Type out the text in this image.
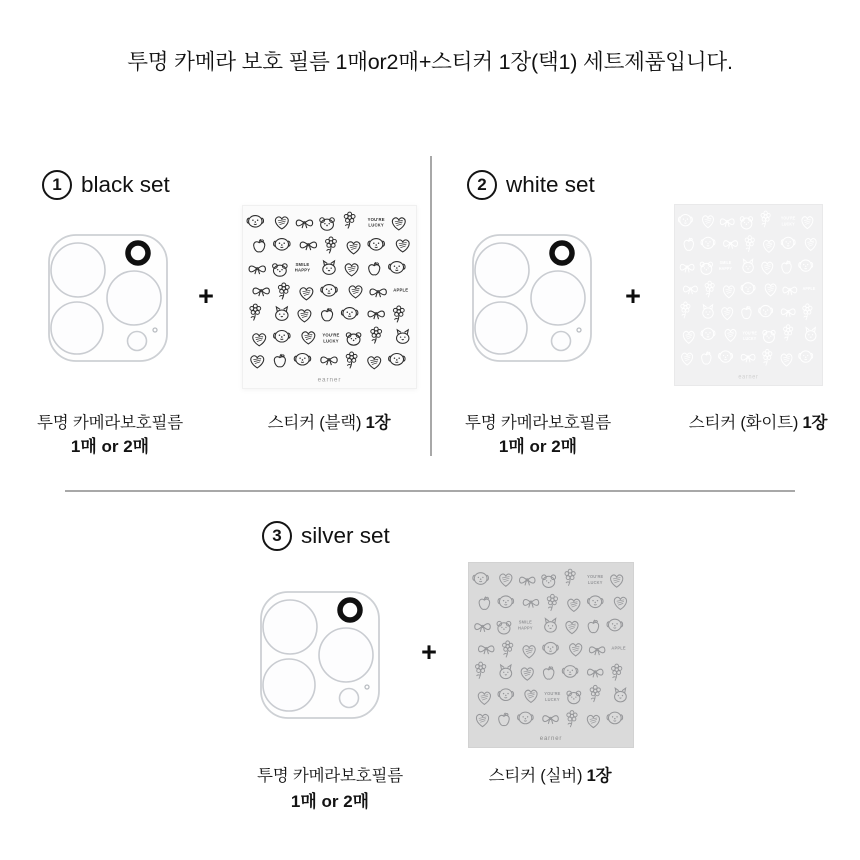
투명 카메라 보호 필름 1매or2매+스티커 1장(택1) 세트제품입니다.
1 black set
+
YOU'RE
LUCKY
SMILE
HAPPY
APPLE
YOU'RE
LUCKY
earner
투명 카메라보호필름
1매 or 2매
스티커 (블랙) 1장
2 white set
+
YOU'RE
LUCKY
SMILE
HAPPY
APPLE
YOU'RE
LUCKY
earner
투명 카메라보호필름
1매 or 2매
스티커 (화이트) 1장
3 silver set
+
YOU'RE
LUCKY
SMILE
HAPPY
APPLE
YOU'RE
LUCKY
earner
투명 카메라보호필름
1매 or 2매
스티커 (실버) 1장
